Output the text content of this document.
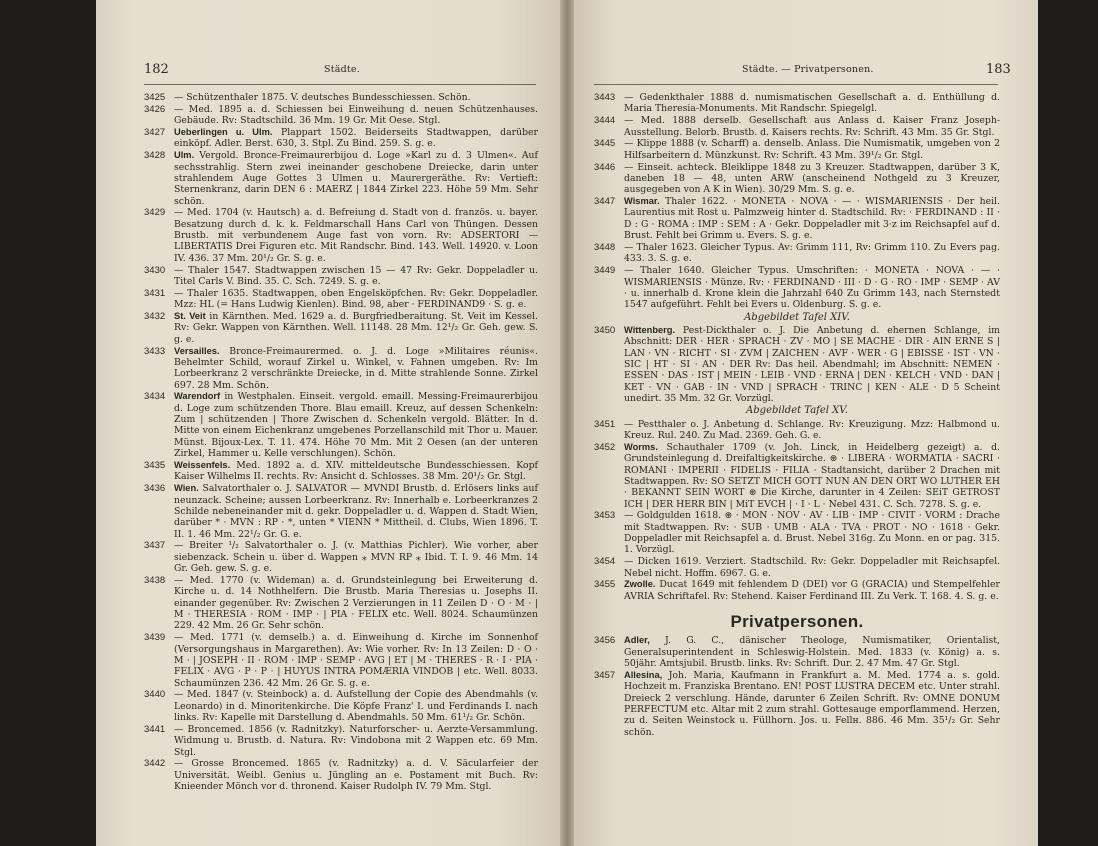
182	Städte.
3425 — Schützenthaler 1875. V. deutsches Bundesschiessen. Schön.
3426 — Med. 1895 a. d. Schiessen bei Einweihung d. neuen Schützenhauses. Gebäude. Rv: Stadtschild. 36 Mm. 19 Gr. Mit Oese. Stgl.
3427 Ueberlingen u. Ulm. Plappart 1502. Beiderseits Stadtwappen, darüber einköpf. Adler. Berst. 630, 3. Stpl. Zu Bind. 259. S. g. e.
3428 Ulm. Vergold. Bronce-Freimaurerbijou d. Loge »Karl zu d. 3 Ulmen«. Auf sechsstrahlig. Stern zwei ineinander geschobene Dreiecke, darin unter strahlendem Auge Gottes 3 Ulmen u. Maurergeräthe. Rv: Vertieft: Sternenkranz, darin DEN 6 : MAERZ | 1844 Zirkel 223. Höhe 59 Mm. Sehr schön.
3429 — Med. 1704 (v. Hautsch) a. d. Befreiung d. Stadt von d. französ. u. bayer. Besatzung durch d. k. k. Feldmarschall Hans Carl von Thüngen. Dessen Brustb. mit verbundenem Auge fast von vorn. Rv: ADSERTORI — LIBERTATIS Drei Figuren etc. Mit Randschr. Bind. 143. Well. 14920. v. Loon IV. 436. 37 Mm. 20¹/₂ Gr. S. g. e.
3430 — Thaler 1547. Stadtwappen zwischen 15 — 47 Rv: Gekr. Doppeladler u. Titel Carls V. Bind. 35. C. Sch. 7249. S. g. e.
3431 — Thaler 1635. Stadtwappen, oben Engelsköpfchen. Rv: Gekr. Doppeladler. Mzz: HL (= Hans Ludwig Kienlen). Bind. 98, aber · FERDINAND9 · S. g. e.
3432 St. Veit in Kärnthen. Med. 1629 a. d. Burgfriedberaitung. St. Veit im Kessel. Rv: Gekr. Wappen von Kärnthen. Well. 11148. 28 Mm. 12¹/₂ Gr. Geh. gew. S. g. e.
3433 Versailles. Bronce-Freimaurermed. o. J. d. Loge »Militaires réunis«. Behelmter Schild, worauf Zirkel u. Winkel, v. Fahnen umgeben. Rv: Im Lorbeerkranz 2 verschränkte Dreiecke, in d. Mitte strahlende Sonne. Zirkel 697. 28 Mm. Schön.
3434 Warendorf in Westphalen. Einseit. vergold. emaill. Messing-Freimaurerbijou d. Loge zum schützenden Thore. Blau emaill. Kreuz, auf dessen Schenkeln: Zum | schützenden | Thore Zwischen d. Schenkeln vergold. Blätter. In d. Mitte von einem Eichenkranz umgebenes Porzellanschild mit Thor u. Mauer. Münst. Bijoux-Lex. T. 11. 474. Höhe 70 Mm. Mit 2 Oesen (an der unteren Zirkel, Hammer u. Kelle verschlungen). Schön.
3435 Weissenfels. Med. 1892 a. d. XIV. mitteldeutsche Bundesschiessen. Kopf Kaiser Wilhelms II. rechts. Rv: Ansicht d. Schlosses. 38 Mm. 20¹/₂ Gr. Stgl.
3436 Wien. Salvatorthaler o. J. SALVATOR — MVNDI Brustb. d. Erlösers links auf neunzack. Scheine; aussen Lorbeerkranz. Rv: Innerhalb e. Lorbeerkranzes 2 Schilde nebeneinander mit d. gekr. Doppeladler u. d. Wappen d. Stadt Wien, darüber * · MVN : RP · *, unten * VIENN * Mittheil. d. Clubs, Wien 1896. T. II. 1. 46 Mm. 22¹/₂ Gr. G. e.
3437 — Breiter ¹/₂ Salvatorthaler o. J. (v. Matthias Pichler). Wie vorher, aber siebenzack. Schein u. über d. Wappen ⁎ MVN RP ⁎ Ibid. T. I. 9. 46 Mm. 14 Gr. Geh. gew. S. g. e.
3438 — Med. 1770 (v. Wideman) a. d. Grundsteinlegung bei Erweiterung d. Kirche u. d. 14 Nothhelfern. Die Brustb. Maria Theresias u. Josephs II. einander gegenüber. Rv: Zwischen 2 Verzierungen in 11 Zeilen D · O · M · | M · THERESIA · ROM · IMP · | PIA · FELIX etc. Well. 8024. Schaumünzen 229. 42 Mm. 26 Gr. Sehr schön.
3439 — Med. 1771 (v. demselb.) a. d. Einweihung d. Kirche im Sonnenhof (Versorgungshaus in Margarethen). Av: Wie vorher. Rv: In 13 Zeilen: D · O · M · | JOSEPH · II · ROM · IMP · SEMP · AVG | ET | M · THERES · R · I · PIA · FELIX · AVG · P · P · | HUYUS INTRA POMÆRIA VINDOB | etc. Well. 8033. Schaumünzen 236. 42 Mm. 26 Gr. S. g. e.
3440 — Med. 1847 (v. Steinbock) a. d. Aufstellung der Copie des Abendmahls (v. Leonardo) in d. Minoritenkirche. Die Köpfe Franz' I. und Ferdinands I. nach links. Rv: Kapelle mit Darstellung d. Abendmahls. 50 Mm. 61¹/₂ Gr. Schön.
3441 — Broncemed. 1856 (v. Radnitzky). Naturforscher- u. Aerzte-Versammlung. Widmung u. Brustb. d. Natura. Rv: Vindobona mit 2 Wappen etc. 69 Mm. Stgl.
3442 — Grosse Broncemed. 1865 (v. Radnitzky) a. d. V. Säcularfeier der Universität. Weibl. Genius u. Jüngling an e. Postament mit Buch. Rv: Knieender Mönch vor d. thronend. Kaiser Rudolph IV. 79 Mm. Stgl.
Städte. — Privatpersonen.	183
3443 — Gedenkthaler 1888 d. numismatischen Gesellschaft a. d. Enthüllung d. Maria Theresia-Monuments. Mit Randschr. Spiegelgl.
3444 — Med. 1888 derselb. Gesellschaft aus Anlass d. Kaiser Franz Joseph-Ausstellung. Belorb. Brustb. d. Kaisers rechts. Rv: Schrift. 43 Mm. 35 Gr. Stgl.
3445 — Klippe 1888 (v. Scharff) a. denselb. Anlass. Die Numismatik, umgeben von 2 Hilfsarbeitern d. Münzkunst. Rv: Schrift. 43 Mm. 39¹/₂ Gr. Stgl.
3446 — Einseit. achteck. Bleiklippe 1848 zu 3 Kreuzer. Stadtwappen, darüber 3 K, daneben 18 — 48, unten ARW (anscheinend Nothgeld zu 3 Kreuzer, ausgegeben von A K in Wien). 30/29 Mm. S. g. e.
3447 Wismar. Thaler 1622. · MONETA · NOVA · — · WISMARIENSIS · Der heil. Laurentius mit Rost u. Palmzweig hinter d. Stadtschild. Rv: · FERDINAND : II · D : G · ROMA : IMP : SEM : A · Gekr. Doppeladler mit 3·z im Reichsapfel auf d. Brust. Fehlt bei Grimm u. Evers. S. g. e.
3448 — Thaler 1623. Gleicher Typus. Av: Grimm 111, Rv: Grimm 110. Zu Evers pag. 433. 3. S. g. e.
3449 — Thaler 1640. Gleicher Typus. Umschriften: · MONETA · NOVA · — · WISMARIENSIS · Münze. Rv: · FERDINAND · III · D · G · RO · IMP · SEMP · AV · u. innerhalb d. Krone klein die Jahrzahl 640 Zu Grimm 143, nach Sternstedt 1547 aufgeführt. Fehlt bei Evers u. Oldenburg. S. g. e.
Abgebildet Tafel XIV.
3450 Wittenberg. Pest-Dickthaler o. J. Die Anbetung d. ehernen Schlange, im Abschnitt: DER · HER · SPRACH · ZV · MO | SE MACHE · DIR · AIN ERNE S | LAN · VN · RICHT · SI · ZVM | ZAICHEN · AVF · WER · G | EBISSE · IST · VN · SIC | HT · SI · AN · DER Rv: Das heil. Abendmahl; im Abschnitt: NEMEN · ESSEN · DAS · IST | MEIN · LEIB · VND · ERNA | DEN · KELCH · VND · DAN | KET · VN · GAB · IN · VND | SPRACH · TRINC | KEN · ALE · D 5 Scheint unedirt. 35 Mm. 32 Gr. Vorzügl.
Abgebildet Tafel XV.
3451 — Pestthaler o. J. Anbetung d. Schlange. Rv: Kreuzigung. Mzz: Halbmond u. Kreuz. Rul. 240. Zu Mad. 2369. Geh. G. e.
3452 Worms. Schauthaler 1709 (v. Joh. Linck, in Heidelberg gezeigt) a. d. Grundsteinlegung d. Dreifaltigkeitskirche. ⊛ · LIBERA · WORMATIA · SACRI · ROMANI · IMPERII · FIDELIS · FILIA · Stadtansicht, darüber 2 Drachen mit Stadtwappen. Rv: SO SETZT MICH GOTT NUN AN DEN ORT WO LUTHER EH · BEKANNT SEIN WORT ⊛ Die Kirche, darunter in 4 Zeilen: SEiT GETROST ICH | DER HERR BIN | MiT EVCH | · I · L · Nebel 431. C. Sch. 7278. S. g. e.
3453 — Goldgulden 1618. ⊛ · MON · NOV · AV · LIB · IMP · CIVIT · VORM : Drache mit Stadtwappen. Rv: · SUB · UMB · ALA · TVA · PROT · NO · 1618 · Gekr. Doppeladler mit Reichsapfel a. d. Brust. Nebel 316g. Zu Monn. en or pag. 315. 1. Vorzügl.
3454 — Dicken 1619. Verziert. Stadtschild. Rv: Gekr. Doppeladler mit Reichsapfel. Nebel nicht. Hoffm. 6967. G. e.
3455 Zwolle. Ducat 1649 mit fehlendem D (DEI) vor G (GRACIA) und Stempelfehler AVRIA Schriftafel. Rv: Stehend. Kaiser Ferdinand III. Zu Verk. T. 168. 4. S. g. e.
Privatpersonen.
3456 Adler, J. G. C., dänischer Theologe, Numismatiker, Orientalist, Generalsuperintendent in Schleswig-Holstein. Med. 1833 (v. König) a. s. 50jähr. Amtsjubil. Brustb. links. Rv: Schrift. Dur. 2. 47 Mm. 47 Gr. Stgl.
3457 Allesina, Joh. Maria, Kaufmann in Frankfurt a. M. Med. 1774 a. s. gold. Hochzeit m. Franziska Brentano. EN! POST LUSTRA DECEM etc. Unter strahl. Dreieck 2 verschlung. Hände, darunter 6 Zeilen Schrift. Rv: OMNE DONUM PERFECTUM etc. Altar mit 2 zum strahl. Gottesauge emporflammend. Herzen, zu d. Seiten Weinstock u. Füllhorn. Jos. u. Fellн. 886. 46 Mm. 35¹/₂ Gr. Sehr schön.
